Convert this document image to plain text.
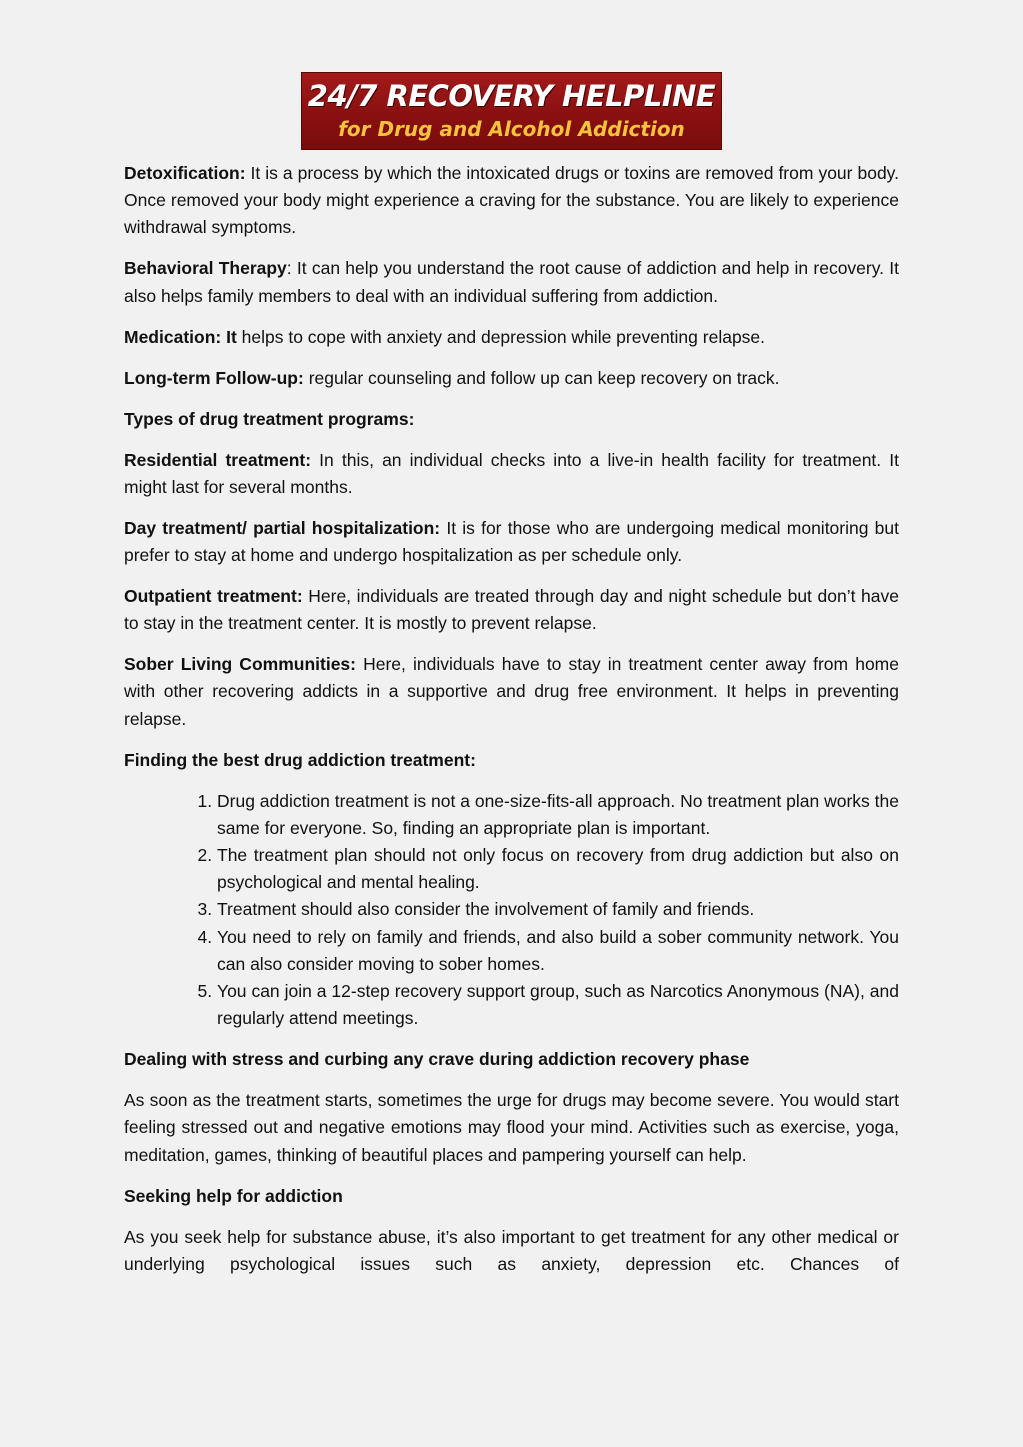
24/7 RECOVERY HELPLINE
for Drug and Alcohol Addiction

Detoxification: It is a process by which the intoxicated drugs or toxins are removed from your body. Once removed your body might experience a craving for the substance. You are likely to experience withdrawal symptoms.

Behavioral Therapy: It can help you understand the root cause of addiction and help in recovery. It also helps family members to deal with an individual suffering from addiction.

Medication: It helps to cope with anxiety and depression while preventing relapse.

Long-term Follow-up: regular counseling and follow up can keep recovery on track.

Types of drug treatment programs:

Residential treatment: In this, an individual checks into a live-in health facility for treatment. It might last for several months.

Day treatment/ partial hospitalization: It is for those who are undergoing medical monitoring but prefer to stay at home and undergo hospitalization as per schedule only.

Outpatient treatment: Here, individuals are treated through day and night schedule but don’t have to stay in the treatment center. It is mostly to prevent relapse.

Sober Living Communities: Here, individuals have to stay in treatment center away from home with other recovering addicts in a supportive and drug free environment. It helps in preventing relapse.

Finding the best drug addiction treatment:

1. Drug addiction treatment is not a one-size-fits-all approach. No treatment plan works the same for everyone. So, finding an appropriate plan is important.
2. The treatment plan should not only focus on recovery from drug addiction but also on psychological and mental healing.
3. Treatment should also consider the involvement of family and friends.
4. You need to rely on family and friends, and also build a sober community network. You can also consider moving to sober homes.
5. You can join a 12-step recovery support group, such as Narcotics Anonymous (NA), and regularly attend meetings.

Dealing with stress and curbing any crave during addiction recovery phase

As soon as the treatment starts, sometimes the urge for drugs may become severe. You would start feeling stressed out and negative emotions may flood your mind. Activities such as exercise, yoga, meditation, games, thinking of beautiful places and pampering yourself can help.

Seeking help for addiction

As you seek help for substance abuse, it’s also important to get treatment for any other medical or underlying psychological issues such as anxiety, depression etc. Chances of
